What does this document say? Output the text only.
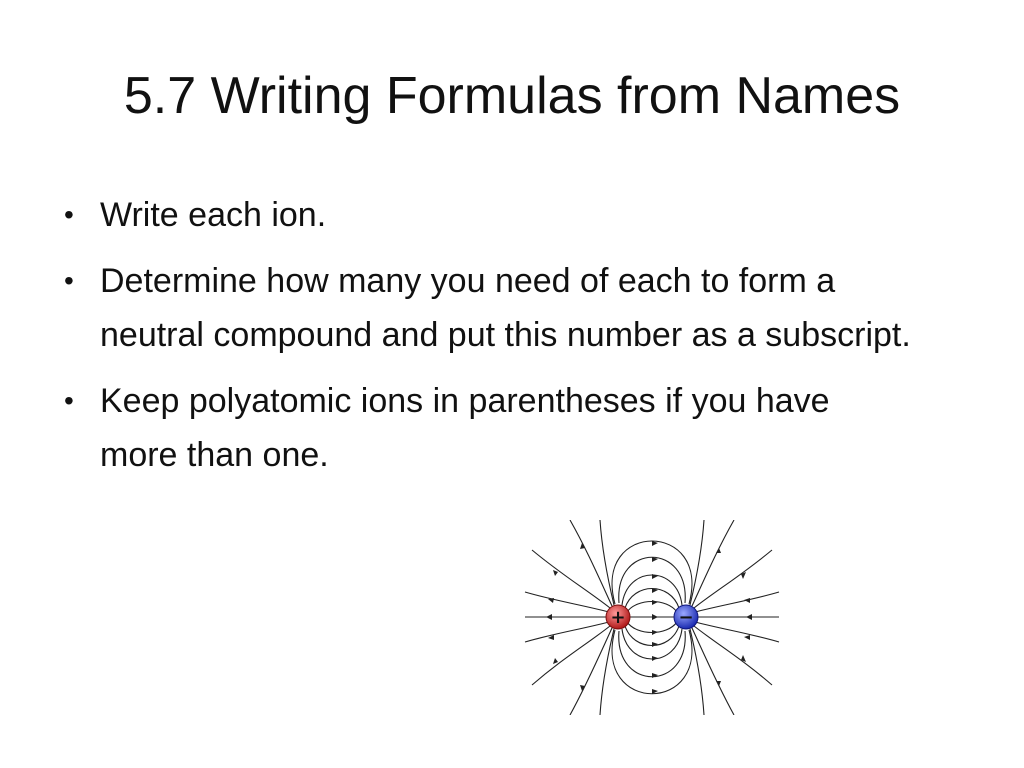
5.7 Writing Formulas from Names
• Write each ion.
• Determine how many you need of each to form a neutral compound and put this number as a subscript.
• Keep polyatomic ions in parentheses if you have more than one.
+	−
